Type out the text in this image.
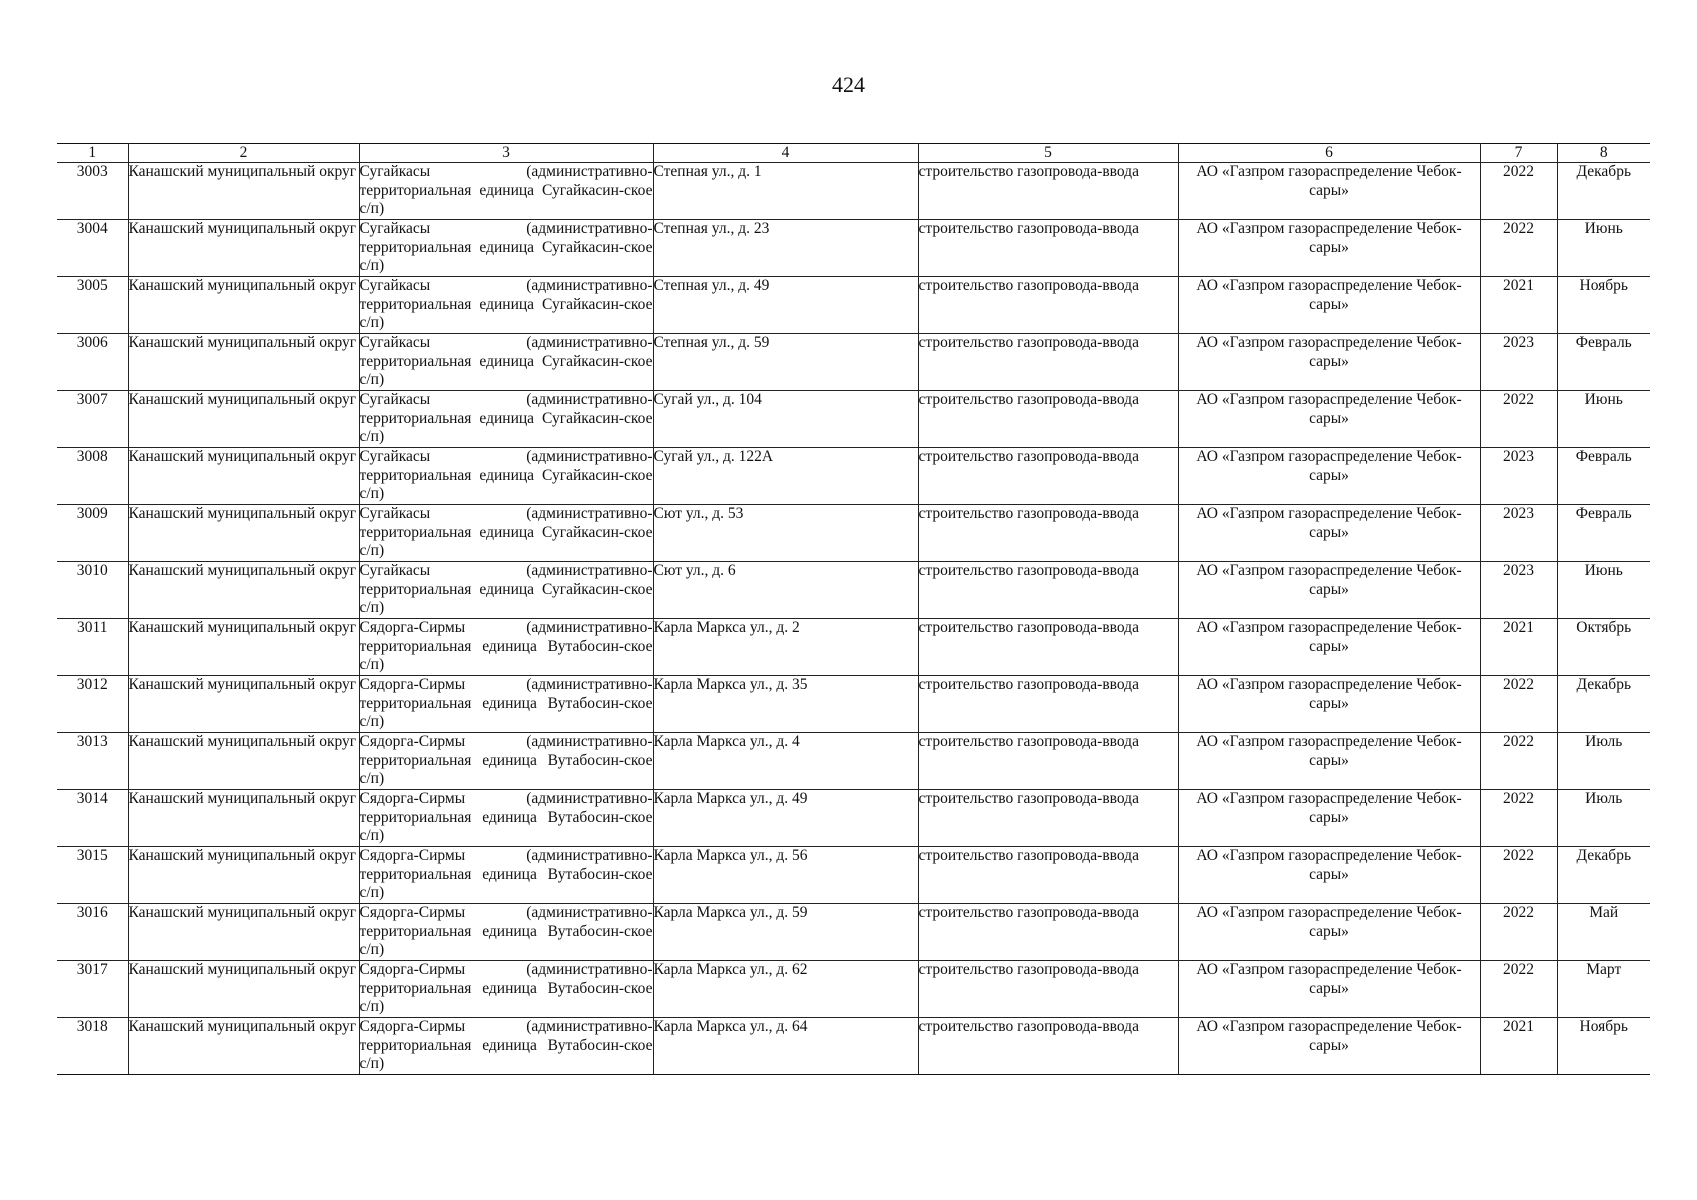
424
1	2	3	4	5	6	7	8
3003	Канашский муниципальный округ	Сугайкасы (административно-территориальная единица Сугайкасин-ское с/п)	Степная ул., д. 1	строительство газопровода-ввода	АО «Газпром газораспределение Чебок-сары»	2022	Декабрь
3004	Канашский муниципальный округ	Сугайкасы (административно-территориальная единица Сугайкасин-ское с/п)	Степная ул., д. 23	строительство газопровода-ввода	АО «Газпром газораспределение Чебок-сары»	2022	Июнь
3005	Канашский муниципальный округ	Сугайкасы (административно-территориальная единица Сугайкасин-ское с/п)	Степная ул., д. 49	строительство газопровода-ввода	АО «Газпром газораспределение Чебок-сары»	2021	Ноябрь
3006	Канашский муниципальный округ	Сугайкасы (административно-территориальная единица Сугайкасин-ское с/п)	Степная ул., д. 59	строительство газопровода-ввода	АО «Газпром газораспределение Чебок-сары»	2023	Февраль
3007	Канашский муниципальный округ	Сугайкасы (административно-территориальная единица Сугайкасин-ское с/п)	Сугай ул., д. 104	строительство газопровода-ввода	АО «Газпром газораспределение Чебок-сары»	2022	Июнь
3008	Канашский муниципальный округ	Сугайкасы (административно-территориальная единица Сугайкасин-ское с/п)	Сугай ул., д. 122А	строительство газопровода-ввода	АО «Газпром газораспределение Чебок-сары»	2023	Февраль
3009	Канашский муниципальный округ	Сугайкасы (административно-территориальная единица Сугайкасин-ское с/п)	Сют ул., д. 53	строительство газопровода-ввода	АО «Газпром газораспределение Чебок-сары»	2023	Февраль
3010	Канашский муниципальный округ	Сугайкасы (административно-территориальная единица Сугайкасин-ское с/п)	Сют ул., д. 6	строительство газопровода-ввода	АО «Газпром газораспределение Чебок-сары»	2023	Июнь
3011	Канашский муниципальный округ	Сядорга-Сирмы (административно-территориальная единица Вутабосин-ское с/п)	Карла Маркса ул., д. 2	строительство газопровода-ввода	АО «Газпром газораспределение Чебок-сары»	2021	Октябрь
3012	Канашский муниципальный округ	Сядорга-Сирмы (административно-территориальная единица Вутабосин-ское с/п)	Карла Маркса ул., д. 35	строительство газопровода-ввода	АО «Газпром газораспределение Чебок-сары»	2022	Декабрь
3013	Канашский муниципальный округ	Сядорга-Сирмы (административно-территориальная единица Вутабосин-ское с/п)	Карла Маркса ул., д. 4	строительство газопровода-ввода	АО «Газпром газораспределение Чебок-сары»	2022	Июль
3014	Канашский муниципальный округ	Сядорга-Сирмы (административно-территориальная единица Вутабосин-ское с/п)	Карла Маркса ул., д. 49	строительство газопровода-ввода	АО «Газпром газораспределение Чебок-сары»	2022	Июль
3015	Канашский муниципальный округ	Сядорга-Сирмы (административно-территориальная единица Вутабосин-ское с/п)	Карла Маркса ул., д. 56	строительство газопровода-ввода	АО «Газпром газораспределение Чебок-сары»	2022	Декабрь
3016	Канашский муниципальный округ	Сядорга-Сирмы (административно-территориальная единица Вутабосин-ское с/п)	Карла Маркса ул., д. 59	строительство газопровода-ввода	АО «Газпром газораспределение Чебок-сары»	2022	Май
3017	Канашский муниципальный округ	Сядорга-Сирмы (административно-территориальная единица Вутабосин-ское с/п)	Карла Маркса ул., д. 62	строительство газопровода-ввода	АО «Газпром газораспределение Чебок-сары»	2022	Март
3018	Канашский муниципальный округ	Сядорга-Сирмы (административно-территориальная единица Вутабосин-ское с/п)	Карла Маркса ул., д. 64	строительство газопровода-ввода	АО «Газпром газораспределение Чебок-сары»	2021	Ноябрь
